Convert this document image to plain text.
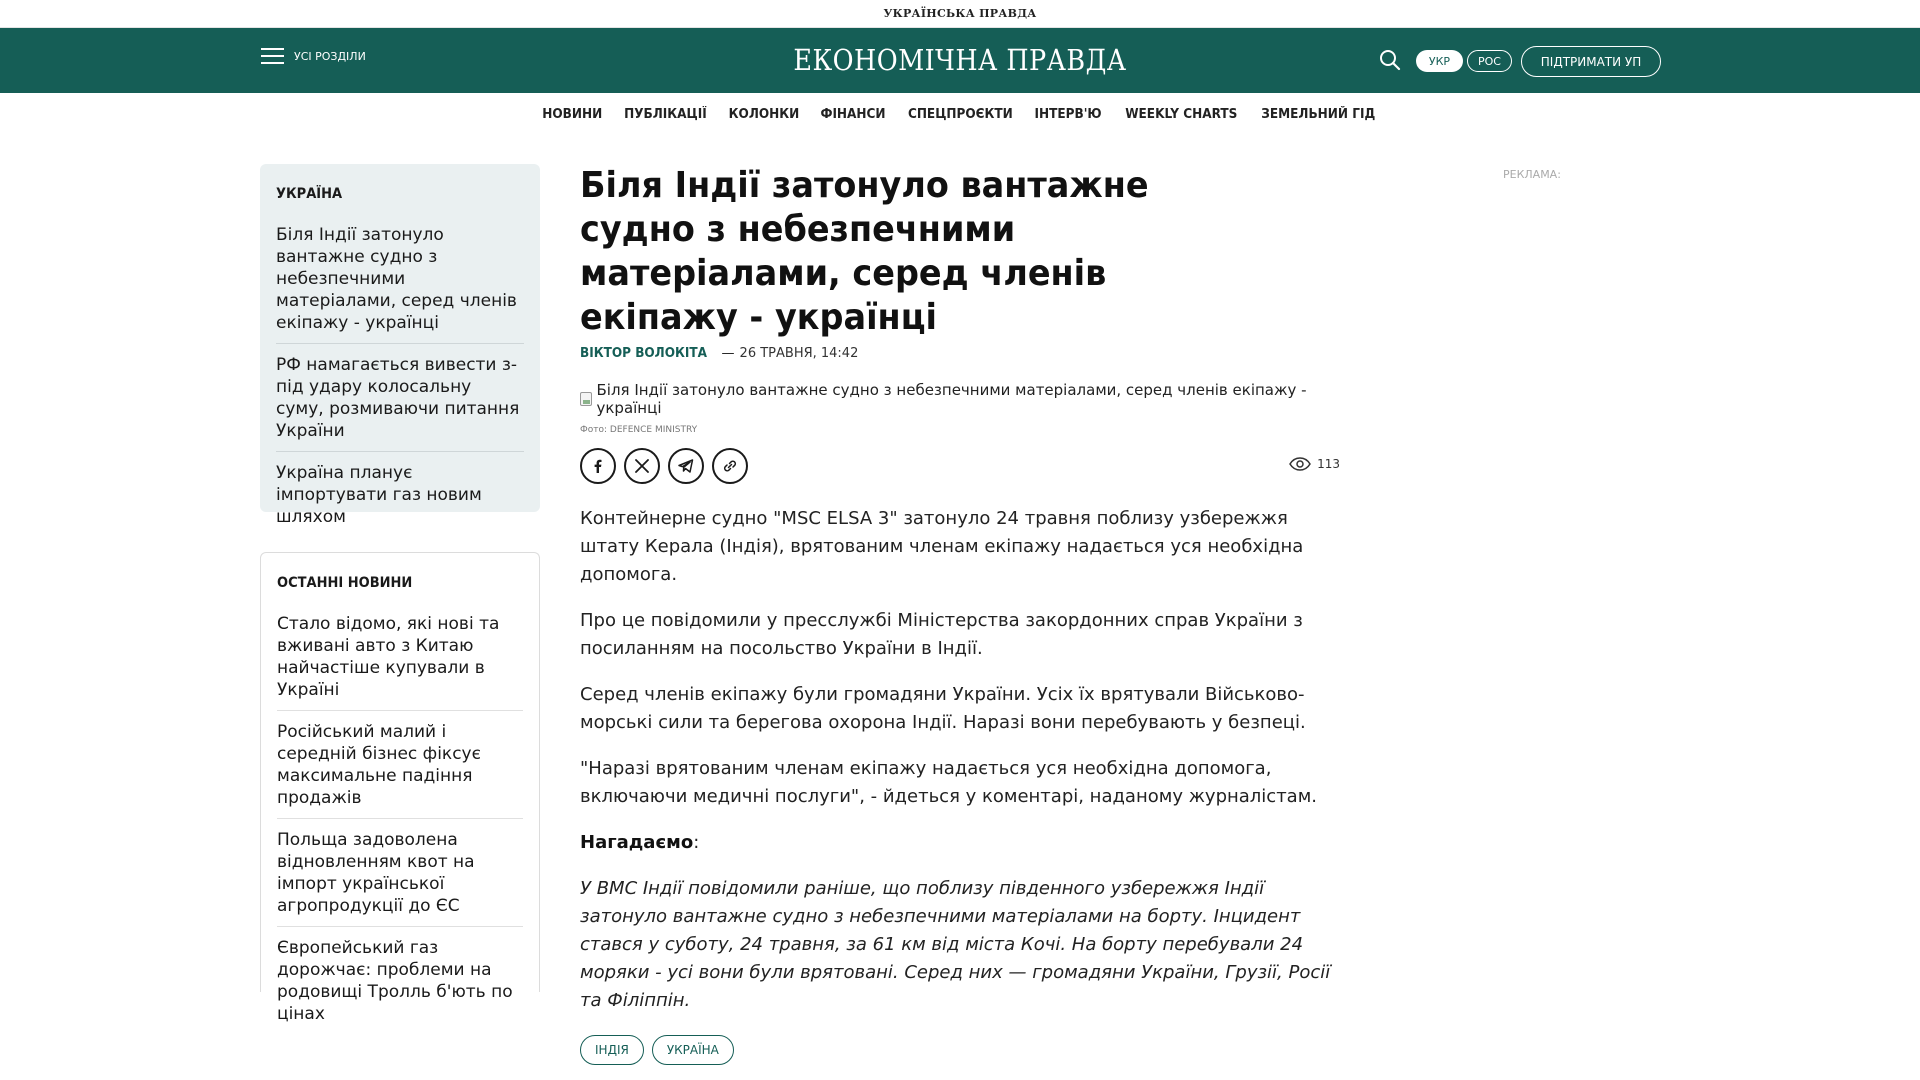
УКРАЇНСЬКА ПРАВДА
УСІ РОЗДІЛИ	ЕКОНОМІЧНА ПРАВДА	УКР	РОС	ПІДТРИМАТИ УП
НОВИНИ ПУБЛІКАЦІЇ КОЛОНКИ ФІНАНСИ СПЕЦПРОЄКТИ ІНТЕРВ'Ю WEEKLY CHARTS ЗЕМЕЛЬНИЙ ГІД
УКРАЇНА
Біля Індії затонуло вантажне судно з небезпечними матеріалами, серед членів екіпажу - українці
РФ намагається вивести з-під удару колосальну суму, розмиваючи питання України
Україна планує імпортувати газ новим шляхом
ОСТАННІ НОВИНИ
Стало відомо, які нові та вживані авто з Китаю найчастіше купували в Україні
Російський малий і середній бізнес фіксує максимальне падіння продажів
Польща задоволена відновленням квот на імпорт української агропродукції до ЄС
Європейський газ дорожчає: проблеми на родовищі Тролль б'ють по цінах
Біля Індії затонуло вантажне судно з небезпечними матеріалами, серед членів екіпажу - українці
ВІКТОР ВОЛОКІТА — 26 ТРАВНЯ, 14:42
Біля Індії затонуло вантажне судно з небезпечними матеріалами, серед членів екіпажу - українці
Фото: DEFENCE MINISTRY
113

Контейнерне судно "MSC ELSA 3" затонуло 24 травня поблизу узбережжя штату Керала (Індія), врятованим членам екіпажу надається уся необхідна допомога.

Про це повідомили у пресслужбі Міністерства закордонних справ України з посиланням на посольство України в Індії.

Серед членів екіпажу були громадяни України. Усіх їх врятували Військово-морські сили та берегова охорона Індії. Наразі вони перебувають у безпеці.

"Наразі врятованим членам екіпажу надається уся необхідна допомога, включаючи медичні послуги", - йдеться у коментарі, наданому журналістам.

Нагадаємо:

У ВМС Індії повідомили раніше, що поблизу південного узбережжя Індії затонуло вантажне судно з небезпечними матеріалами на борту. Інцидент стався у суботу, 24 травня, за 61 км від міста Кочі. На борту перебували 24 моряки - усі вони були врятовані. Серед них — громадяни України, Грузії, Росії та Філіппін.

ІНДІЯ	УКРАЇНА
РЕКЛАМА:
